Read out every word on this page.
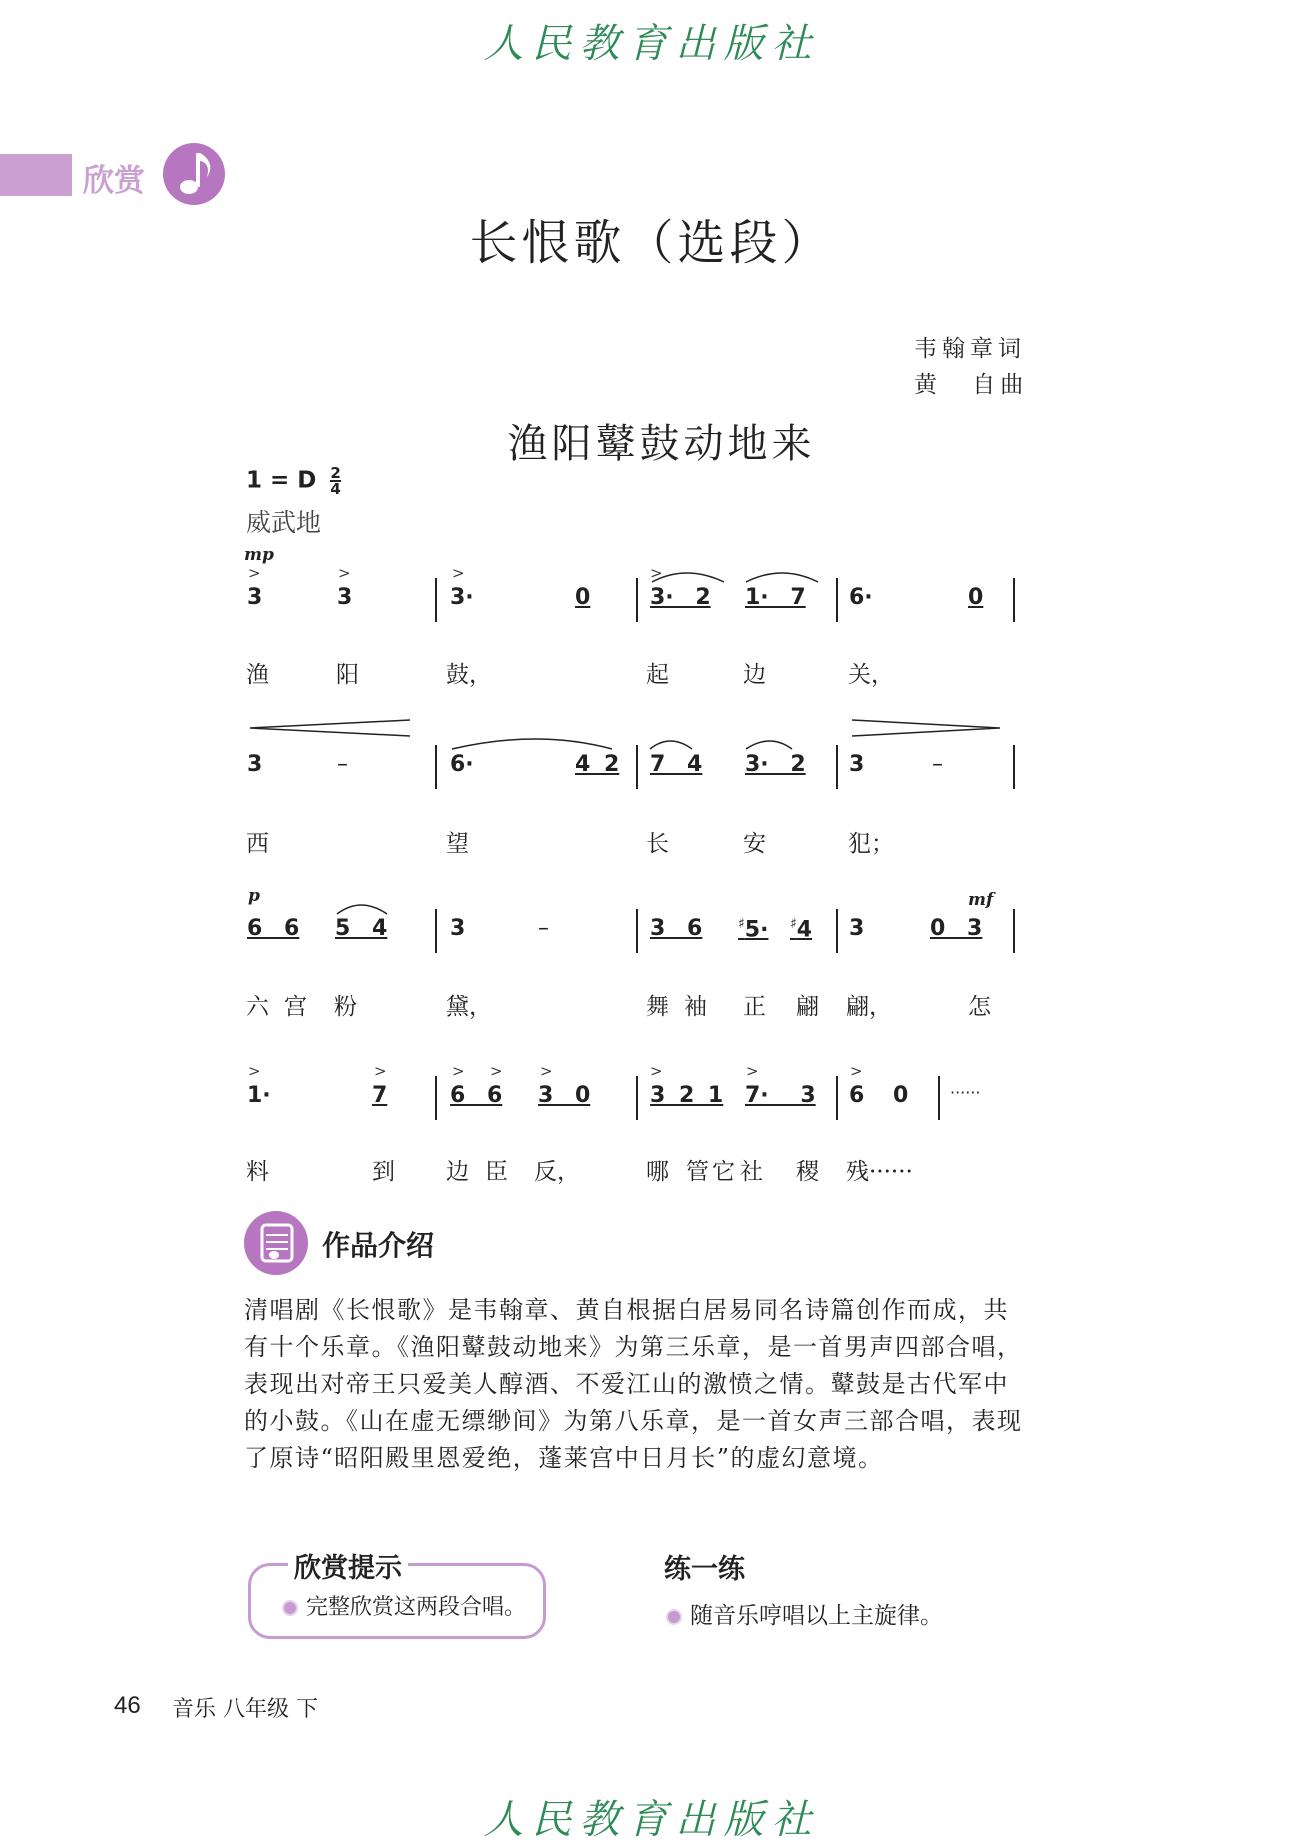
人民教育出版社
人民教育出版社
欣赏
长恨歌（选段）
韦翰章词
黄 自曲
渔阳鼙鼓动地来
1 = D $\frac{2}{4}$
威武地
mp
>	>	>	>
3	3	3·	0	3· 2 1· 7 6·	0
渔	阳	鼓，	起	边	关，
3	–	6·	4 2 7 4 3· 2 3	–
西	望	长	安	犯；
p	mf
6 6 5 4	3	–	3 6	♯5· ♯4 3	0 3
六 宫 粉	黛，	舞 袖 正 翩 翩，	怎
>	>	> > >	>	>	>
1·	7	6 6 3 0	3 2 1 7· 3 6 0	······
料	到 边 臣 反，	哪 管 它 社 稷 残······
作品介绍
清唱剧《长恨歌》是韦翰章、黄自根据白居易同名诗篇创作而成，共有十个乐章。《渔阳鼙鼓动地来》为第三乐章，是一首男声四部合唱，表现出对帝王只爱美人醇酒、不爱江山的激愤之情。鼙鼓是古代军中的小鼓。《山在虚无缥缈间》为第八乐章，是一首女声三部合唱，表现了原诗“昭阳殿里恩爱绝，蓬莱宫中日月长”的虚幻意境。
欣赏提示
完整欣赏这两段合唱。
练一练
随音乐哼唱以上主旋律。
46 音乐 八年级 下
